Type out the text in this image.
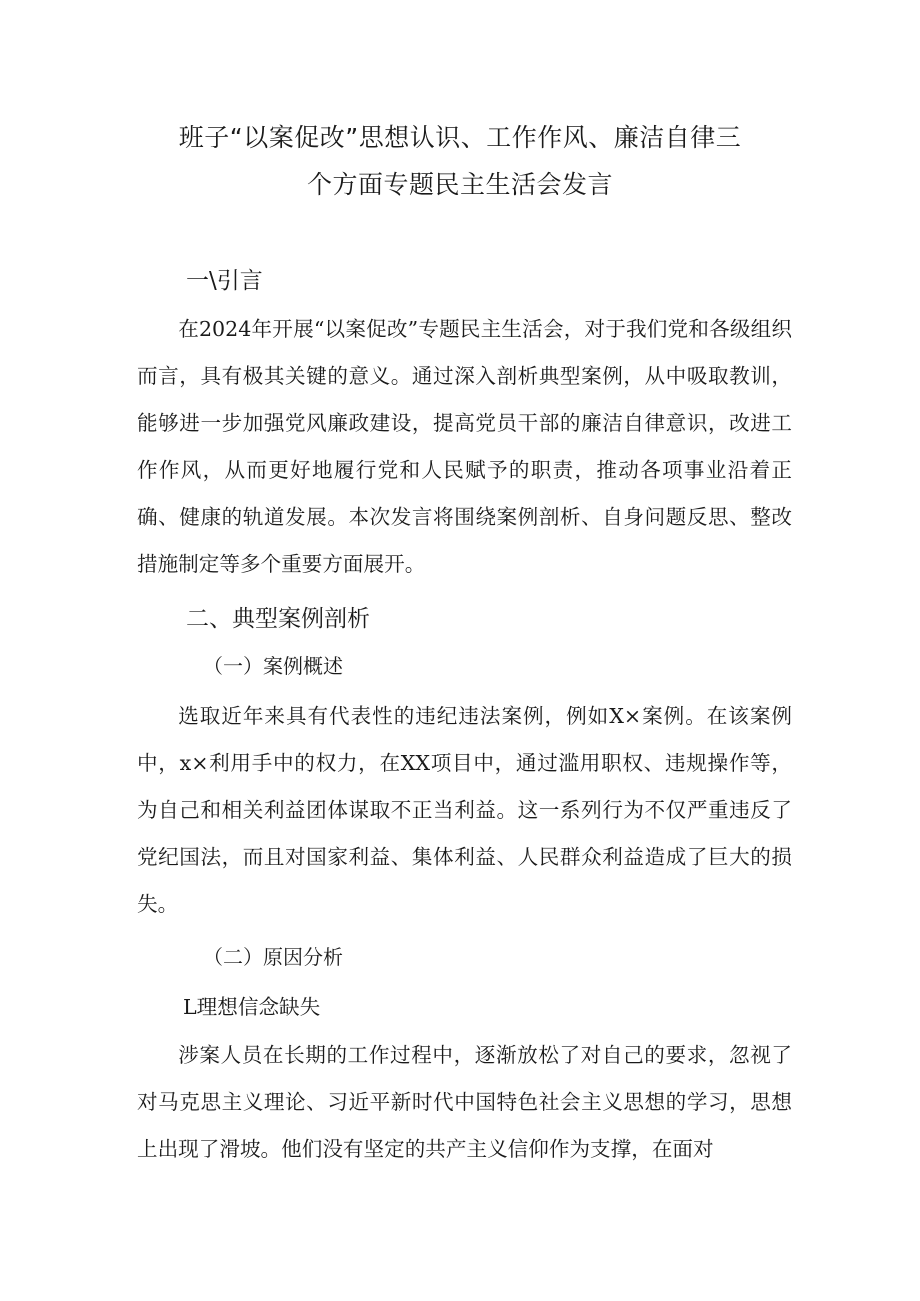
班子“以案促改”思想认识、工作作风、廉洁自律三
个方面专题民主生活会发言
一\引言
在2024年开展“以案促改”专题民主生活会，对于我们党和各级组织而言，具有极其关键的意义。通过深入剖析典型案例，从中吸取教训，能够进一步加强党风廉政建设，提高党员干部的廉洁自律意识，改进工作作风，从而更好地履行党和人民赋予的职责，推动各项事业沿着正确、健康的轨道发展。本次发言将围绕案例剖析、自身问题反思、整改措施制定等多个重要方面展开。
二、典型案例剖析
（一）案例概述
选取近年来具有代表性的违纪违法案例，例如X×案例。在该案例中，x×利用手中的权力，在XX项目中，通过滥用职权、违规操作等，为自己和相关利益团体谋取不正当利益。这一系列行为不仅严重违反了党纪国法，而且对国家利益、集体利益、人民群众利益造成了巨大的损失。
（二）原因分析
L理想信念缺失
涉案人员在长期的工作过程中，逐渐放松了对自己的要求，忽视了对马克思主义理论、习近平新时代中国特色社会主义思想的学习，思想上出现了滑坡。他们没有坚定的共产主义信仰作为支撑，在面对
